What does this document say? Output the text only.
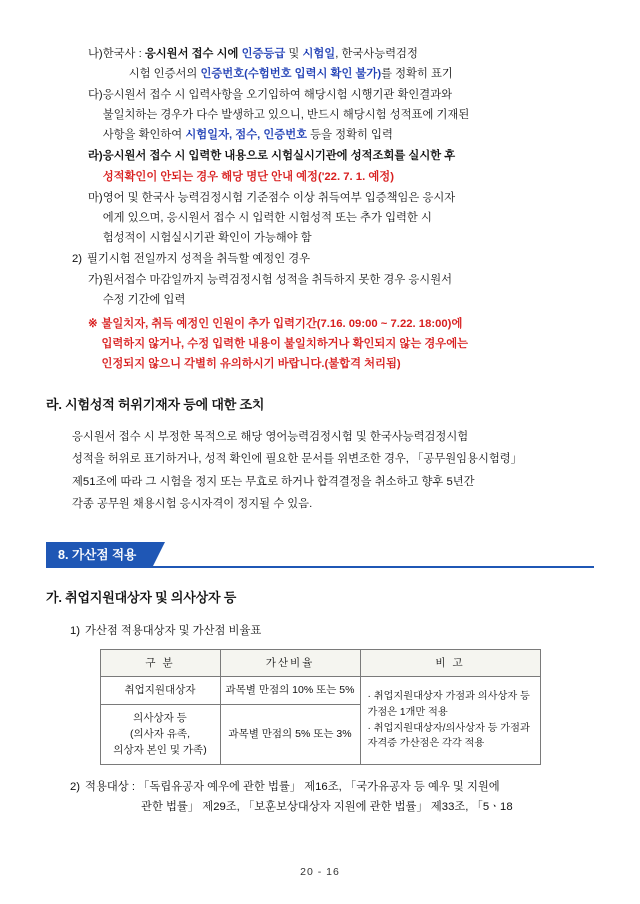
나) 한국사 : 응시원서 접수 시에 인증등급 및 시험일, 한국사능력검정
시험 인증서의 인증번호(수험번호 입력시 확인 불가)를 정확히 표기
다) 응시원서 접수 시 입력사항을 오기입하여 해당시험 시행기관 확인결과와
불일치하는 경우가 다수 발생하고 있으니, 반드시 해당시험 성적표에 기재된
사항을 확인하여 시험일자, 점수, 인증번호 등을 정확히 입력
라) 응시원서 접수 시 입력한 내용으로 시험실시기관에 성적조회를 실시한 후
성적확인이 안되는 경우 해당 명단 안내 예정('22. 7. 1. 예정)
마) 영어 및 한국사 능력검정시험 기준점수 이상 취득여부 입증책임은 응시자
에게 있으며, 응시원서 접수 시 입력한 시험성적 또는 추가 입력한 시
험성적이 시험실시기관 확인이 가능해야 함
2) 필기시험 전일까지 성적을 취득할 예정인 경우
가) 원서접수 마감일까지 능력검정시험 성적을 취득하지 못한 경우 응시원서
수정 기간에 입력
※ 불일치자, 취득 예정인 인원이 추가 입력기간(7.16. 09:00 ~ 7.22. 18:00)에
입력하지 않거나, 수정 입력한 내용이 불일치하거나 확인되지 않는 경우에는
인정되지 않으니 각별히 유의하시기 바랍니다.(불합격 처리됨)
라. 시험성적 허위기재자 등에 대한 조치
응시원서 접수 시 부정한 목적으로 해당 영어능력검정시험 및 한국사능력검정시험
성적을 허위로 표기하거나, 성적 확인에 필요한 문서를 위변조한 경우, 「공무원임용시험령」
제51조에 따라 그 시험을 정지 또는 무효로 하거나 합격결정을 취소하고 향후 5년간
각종 공무원 채용시험 응시자격이 정지될 수 있음.
8. 가산점 적용
가. 취업지원대상자 및 의사상자 등
1) 가산점 적용대상자 및 가산점 비율표
구 분	가산비율	비 고
취업지원대상자	과목별 만점의 10% 또는 5%	· 취업지원대상자 가점과 의사상자 등
가점은 1개만 적용
· 취업지원대상자/의사상자 등 가점과
자격증 가산점은 각각 적용
의사상자 등
(의사자 유족,
의상자 본인 및 가족)	과목별 만점의 5% 또는 3%	
2) 적용대상 : 「독립유공자 예우에 관한 법률」 제16조, 「국가유공자 등 예우 및 지원에
관한 법률」 제29조, 「보훈보상대상자 지원에 관한 법률」 제33조, 「5ㆍ18
20 - 16
